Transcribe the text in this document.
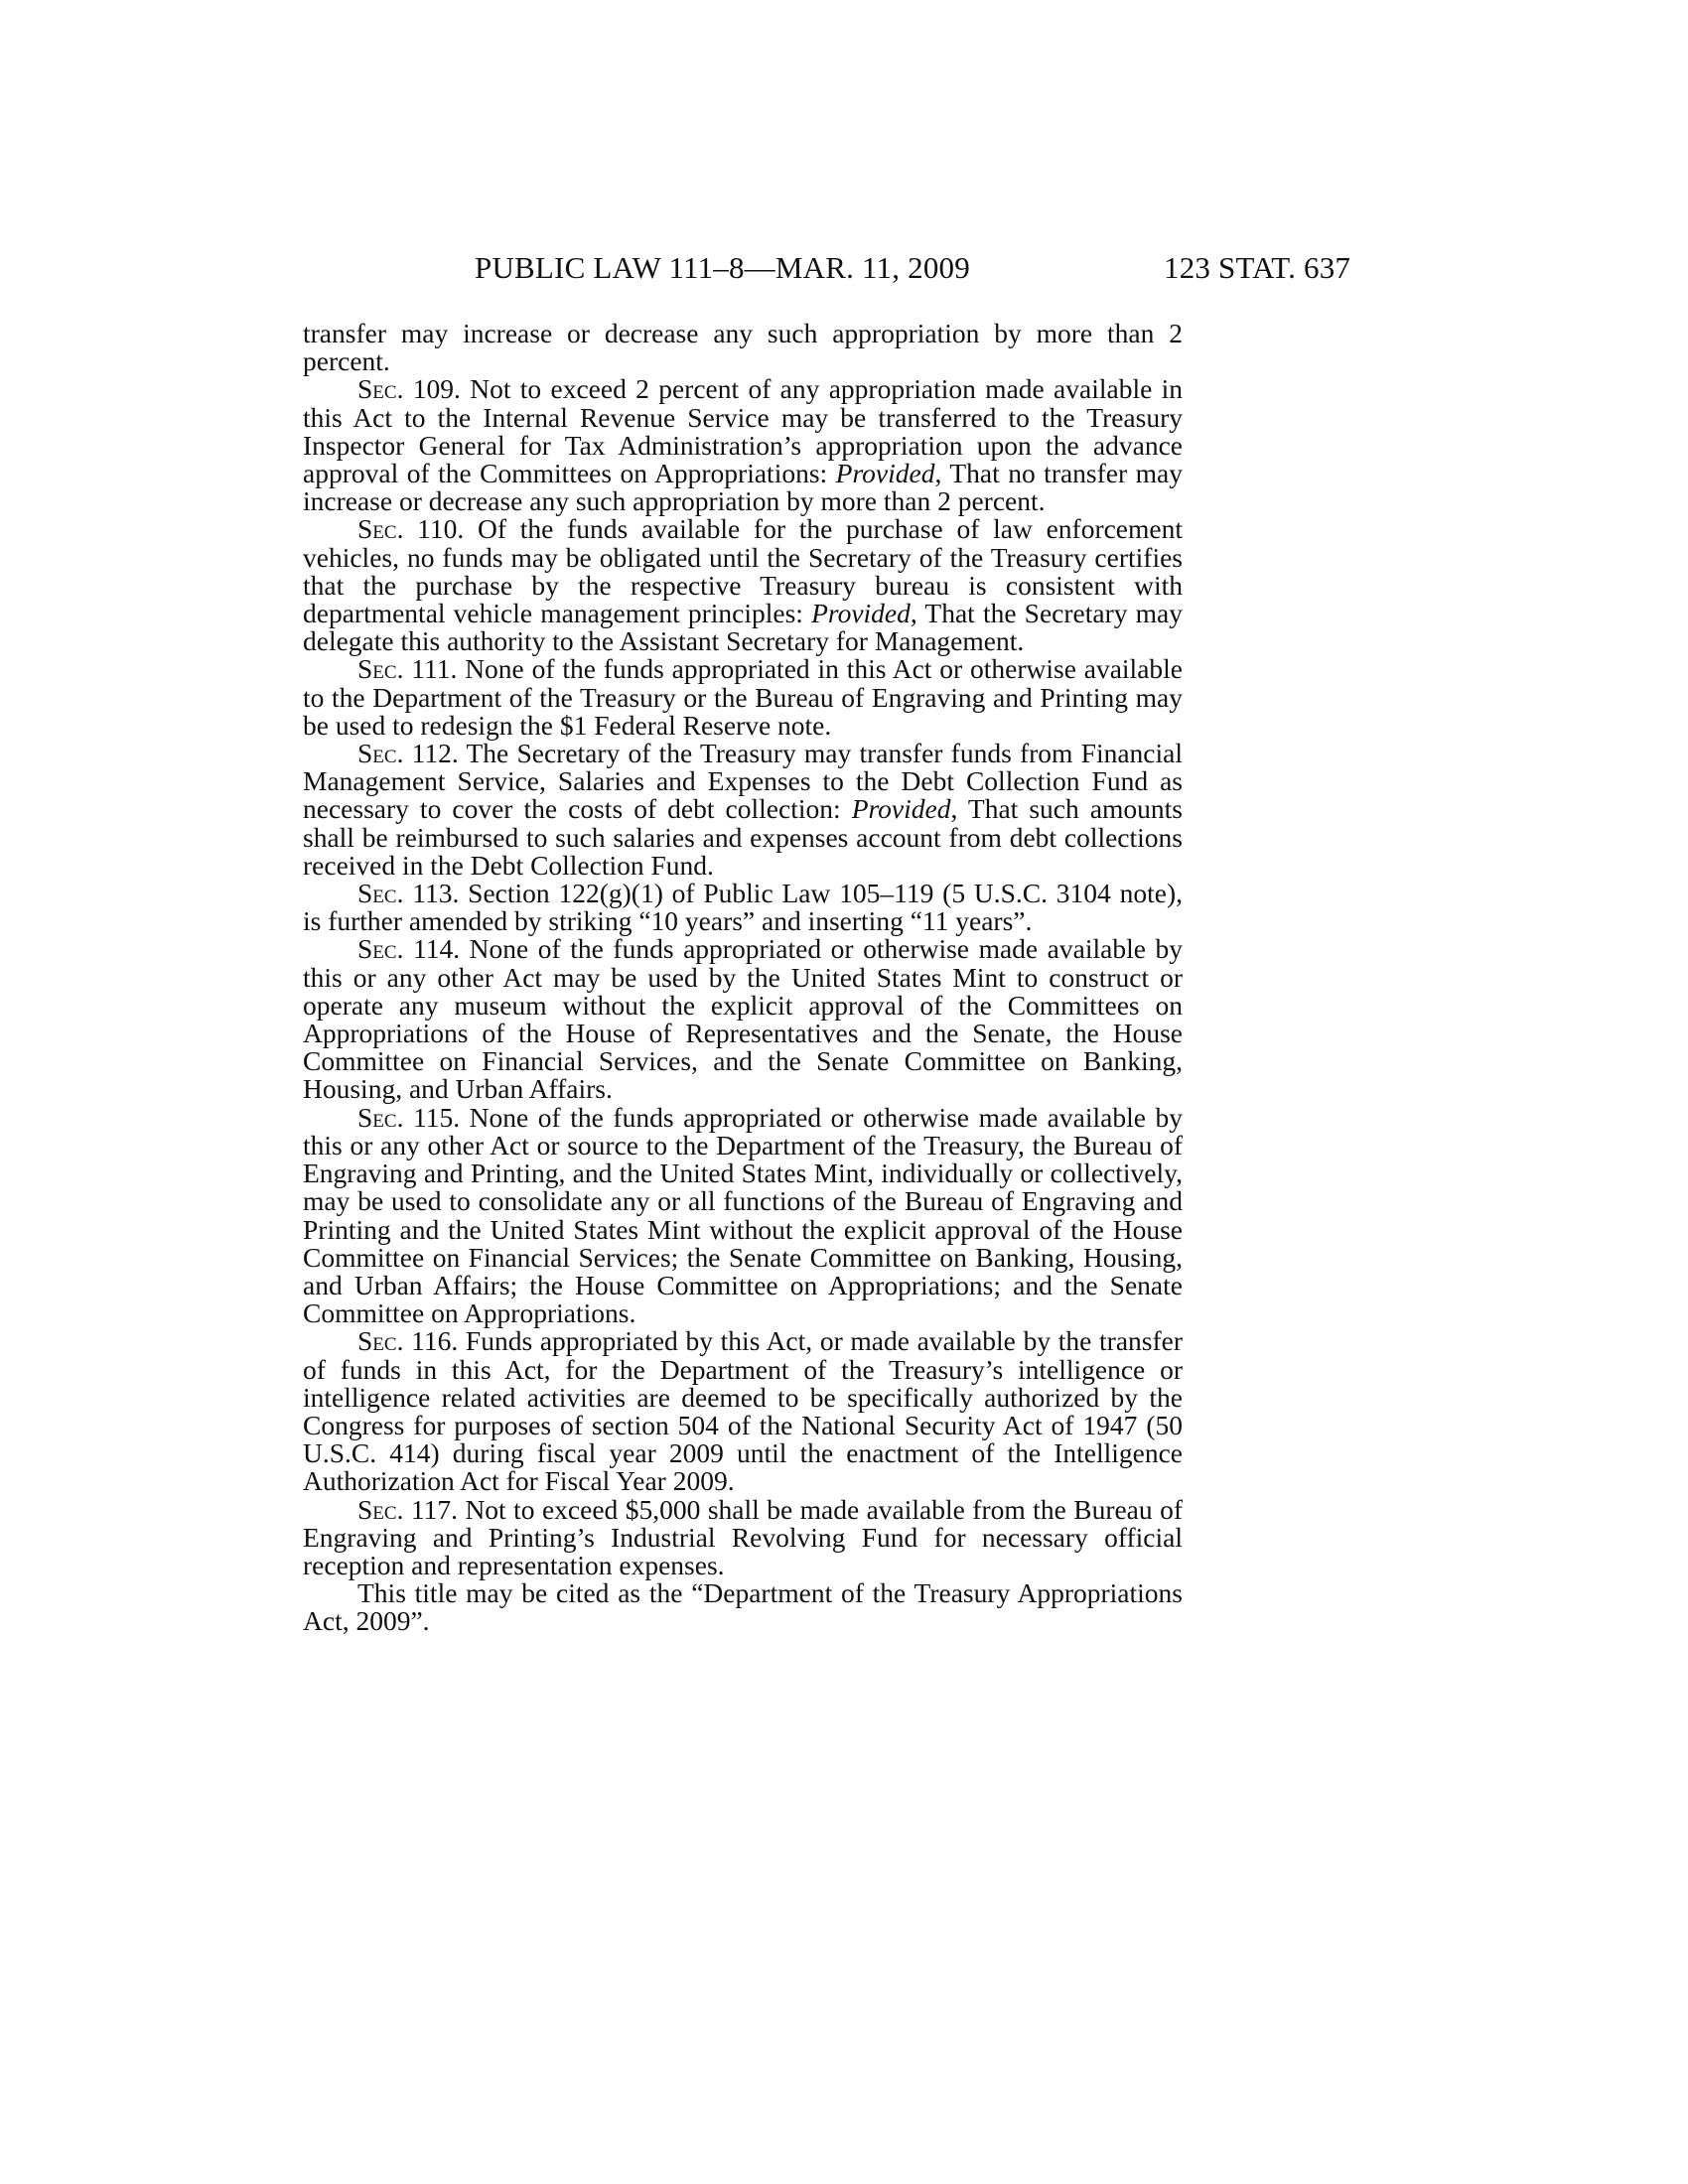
PUBLIC LAW 111–8—MAR. 11, 2009	123 STAT. 637

transfer may increase or decrease any such appropriation by more than 2 percent.

Sec. 109. Not to exceed 2 percent of any appropriation made available in this Act to the Internal Revenue Service may be transferred to the Treasury Inspector General for Tax Administration’s appropriation upon the advance approval of the Committees on Appropriations: Provided, That no transfer may increase or decrease any such appropriation by more than 2 percent.

Sec. 110. Of the funds available for the purchase of law enforcement vehicles, no funds may be obligated until the Secretary of the Treasury certifies that the purchase by the respective Treasury bureau is consistent with departmental vehicle management principles: Provided, That the Secretary may delegate this authority to the Assistant Secretary for Management.

Sec. 111. None of the funds appropriated in this Act or otherwise available to the Department of the Treasury or the Bureau of Engraving and Printing may be used to redesign the $1 Federal Reserve note.

Sec. 112. The Secretary of the Treasury may transfer funds from Financial Management Service, Salaries and Expenses to the Debt Collection Fund as necessary to cover the costs of debt collection: Provided, That such amounts shall be reimbursed to such salaries and expenses account from debt collections received in the Debt Collection Fund.

Sec. 113. Section 122(g)(1) of Public Law 105–119 (5 U.S.C. 3104 note), is further amended by striking “10 years” and inserting “11 years”.

Sec. 114. None of the funds appropriated or otherwise made available by this or any other Act may be used by the United States Mint to construct or operate any museum without the explicit approval of the Committees on Appropriations of the House of Representatives and the Senate, the House Committee on Financial Services, and the Senate Committee on Banking, Housing, and Urban Affairs.

Sec. 115. None of the funds appropriated or otherwise made available by this or any other Act or source to the Department of the Treasury, the Bureau of Engraving and Printing, and the United States Mint, individually or collectively, may be used to consolidate any or all functions of the Bureau of Engraving and Printing and the United States Mint without the explicit approval of the House Committee on Financial Services; the Senate Committee on Banking, Housing, and Urban Affairs; the House Committee on Appropriations; and the Senate Committee on Appropriations.

Sec. 116. Funds appropriated by this Act, or made available by the transfer of funds in this Act, for the Department of the Treasury’s intelligence or intelligence related activities are deemed to be specifically authorized by the Congress for purposes of section 504 of the National Security Act of 1947 (50 U.S.C. 414) during fiscal year 2009 until the enactment of the Intelligence Authorization Act for Fiscal Year 2009.

Sec. 117. Not to exceed $5,000 shall be made available from the Bureau of Engraving and Printing’s Industrial Revolving Fund for necessary official reception and representation expenses.

This title may be cited as the “Department of the Treasury Appropriations Act, 2009”.
